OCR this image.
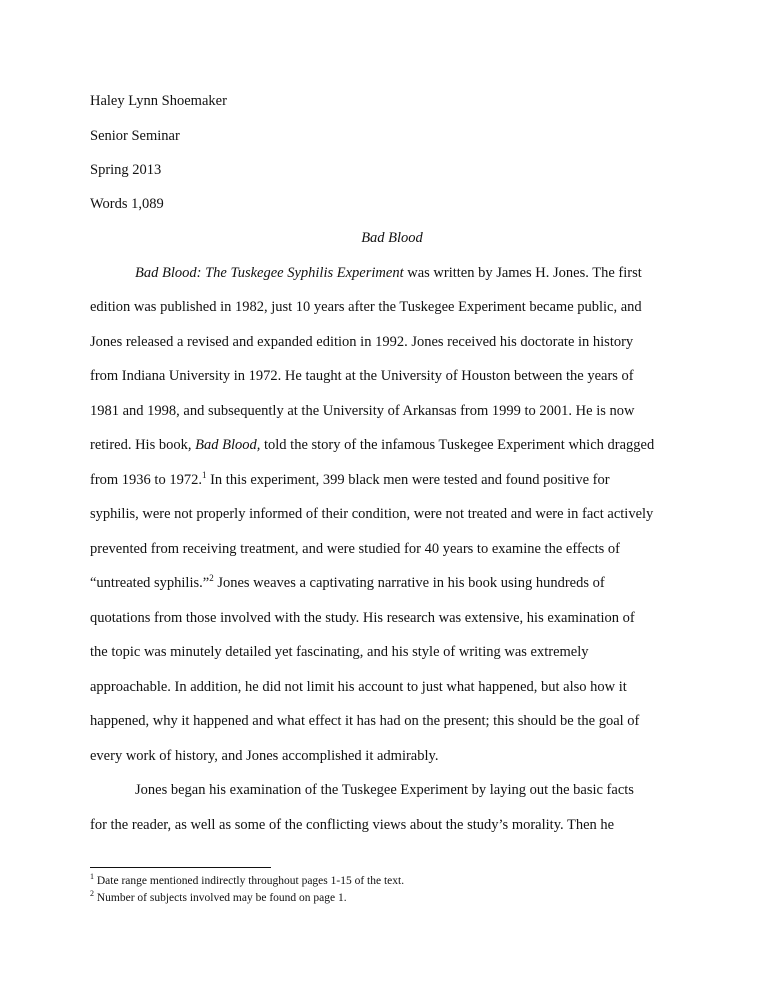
Haley Lynn Shoemaker

Senior Seminar

Spring 2013

Words 1,089

Bad Blood

Bad Blood: The Tuskegee Syphilis Experiment was written by James H. Jones. The first

edition was published in 1982, just 10 years after the Tuskegee Experiment became public, and

Jones released a revised and expanded edition in 1992. Jones received his doctorate in history

from Indiana University in 1972. He taught at the University of Houston between the years of

1981 and 1998, and subsequently at the University of Arkansas from 1999 to 2001. He is now

retired. His book, Bad Blood, told the story of the infamous Tuskegee Experiment which dragged

from 1936 to 1972.$^1$ In this experiment, 399 black men were tested and found positive for

syphilis, were not properly informed of their condition, were not treated and were in fact actively

prevented from receiving treatment, and were studied for 40 years to examine the effects of

“untreated syphilis.”$^2$ Jones weaves a captivating narrative in his book using hundreds of

quotations from those involved with the study. His research was extensive, his examination of

the topic was minutely detailed yet fascinating, and his style of writing was extremely

approachable. In addition, he did not limit his account to just what happened, but also how it

happened, why it happened and what effect it has had on the present; this should be the goal of

every work of history, and Jones accomplished it admirably.

Jones began his examination of the Tuskegee Experiment by laying out the basic facts

for the reader, as well as some of the conflicting views about the study’s morality. Then he

$^1$ Date range mentioned indirectly throughout pages 1-15 of the text.

$^2$ Number of subjects involved may be found on page 1.
